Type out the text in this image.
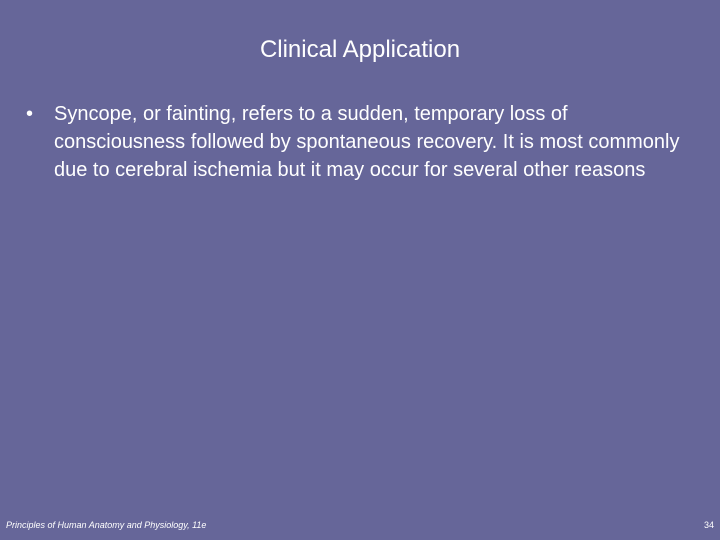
Clinical Application
•	Syncope, or fainting, refers to a sudden, temporary loss of consciousness followed by spontaneous recovery. It is most commonly due to cerebral ischemia but it may occur for several other reasons
Principles of Human Anatomy and Physiology, 11e	34
